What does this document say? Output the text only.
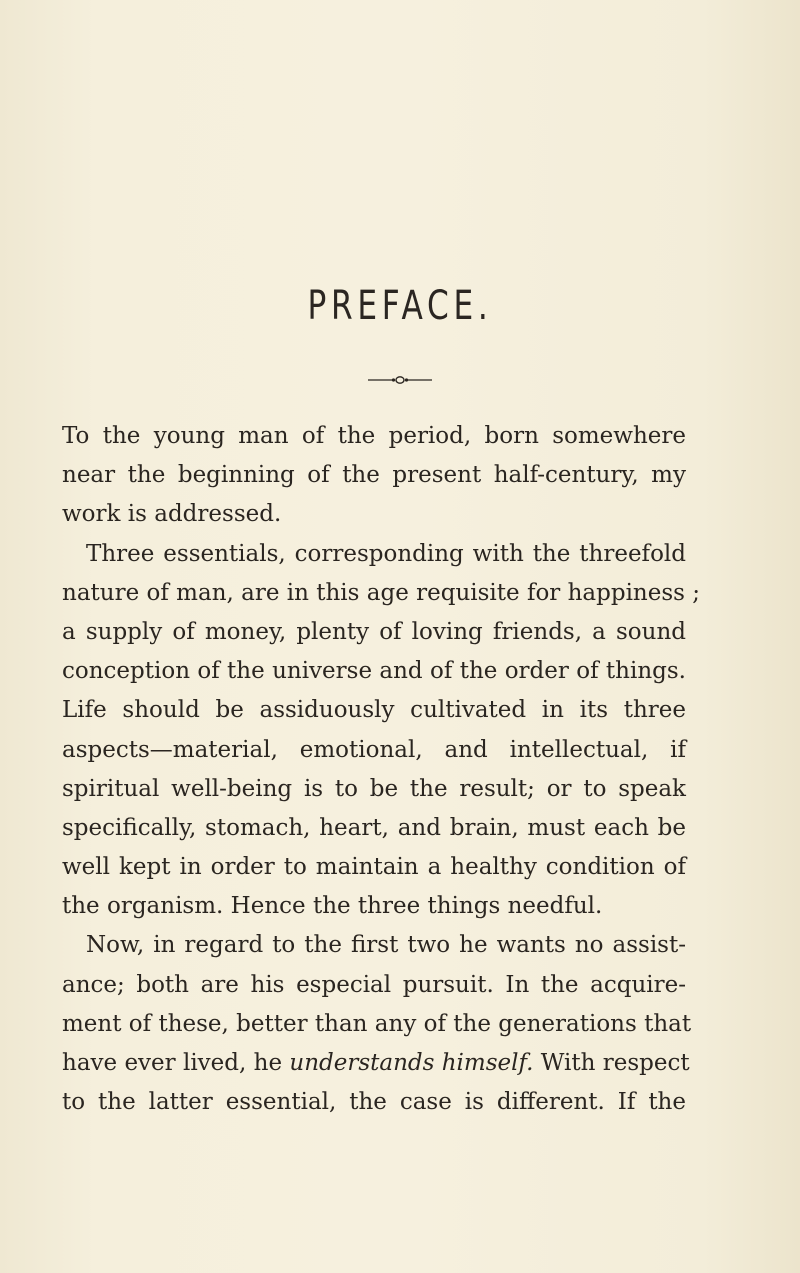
PREFACE.
To the young man of the period, born somewhere
near the beginning of the present half-century, my
work is addressed.
Three essentials, corresponding with the threefold
nature of man, are in this age requisite for happiness ;
a supply of money, plenty of loving friends, a sound
conception of the universe and of the order of things.
Life should be assiduously cultivated in its three
aspects—material, emotional, and intellectual, if
spiritual well-being is to be the result; or to speak
specifically, stomach, heart, and brain, must each be
well kept in order to maintain a healthy condition of
the organism. Hence the three things needful.
Now, in regard to the first two he wants no assist-
ance; both are his especial pursuit. In the acquire-
ment of these, better than any of the generations that
have ever lived, he understands himself. With respect
to the latter essential, the case is different. If the
